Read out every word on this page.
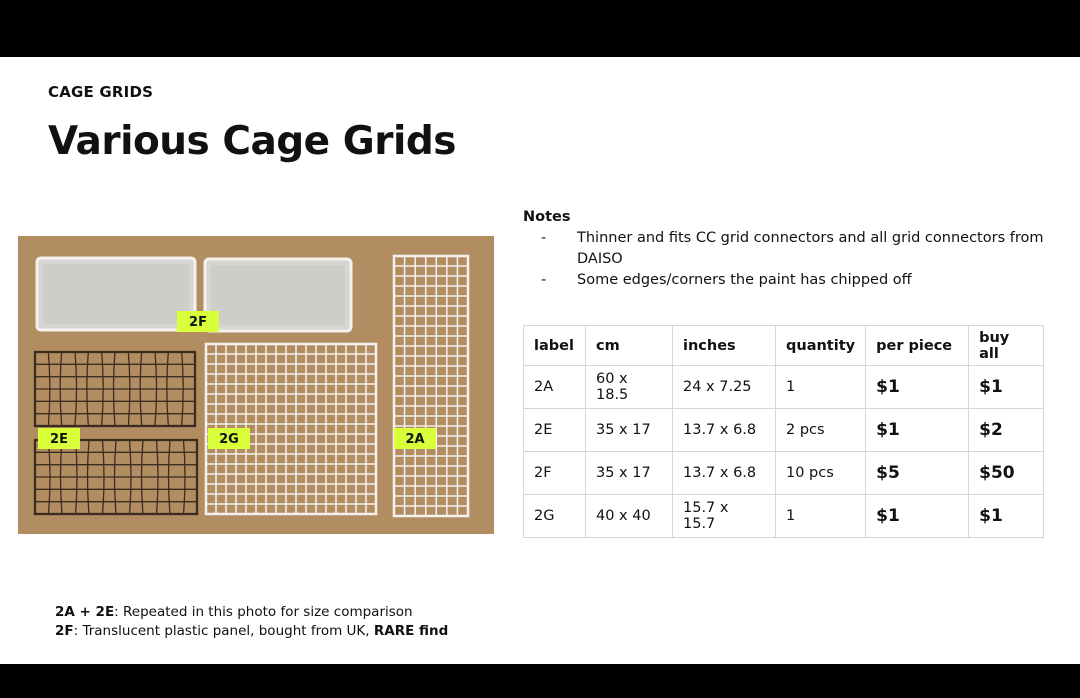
CAGE GRIDS
Various Cage Grids
2F
2E	2G	2A
Notes
- Thinner and fits CC grid connectors and all grid connectors from DAISO
- Some edges/corners the paint has chipped off
label	cm	inches	quantity	per piece	buy all
2A	60 x 18.5	24 x 7.25	1	$1	$1
2E	35 x 17	13.7 x 6.8	2 pcs	$1	$2
2F	35 x 17	13.7 x 6.8	10 pcs	$5	$50
2G	40 x 40	15.7 x 15.7	1	$1	$1
2A + 2E: Repeated in this photo for size comparison
2F: Translucent plastic panel, bought from UK, RARE find
